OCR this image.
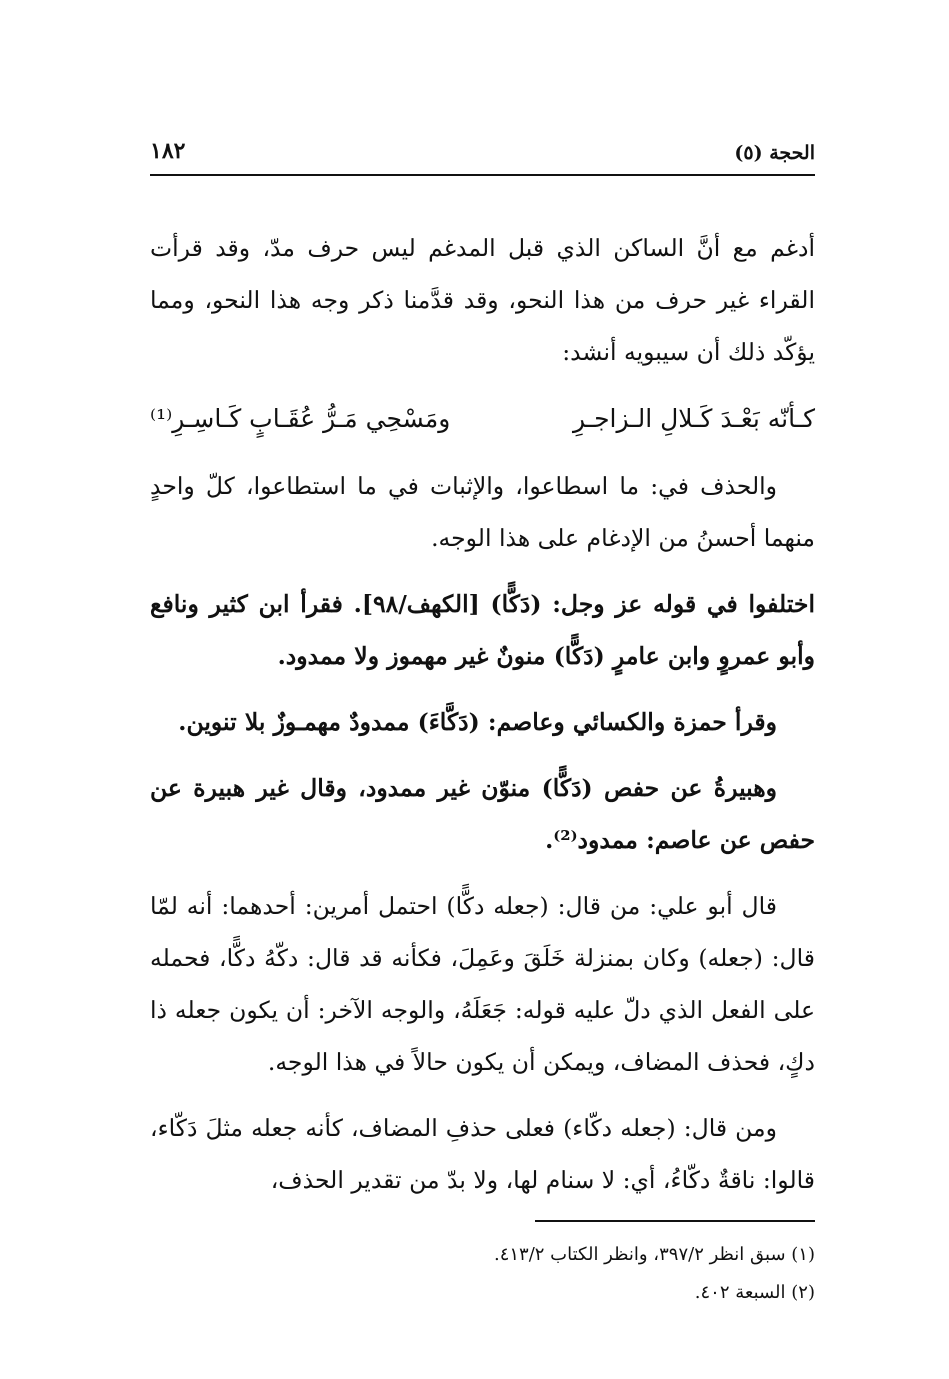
الحجة (٥)
١٨٢

أدغم مع أنَّ الساكن الذي قبل المدغم ليس حرف مدّ، وقد قرأت القراء غير حرف من هذا النحو، وقد قدَّمنا ذكر وجه هذا النحو، ومما يؤكّد ذلك أن سيبويه أنشد:

كـأنّه بَعْـدَ كَـلالِ الـزاجـرِ
ومَسْحِي مَـرُّ عُقَـابٍ كَـاسِـرِ⁽¹⁾

والحذف في: ما اسطاعوا، والإثبات في ما استطاعوا، كلّ واحدٍ منهما أحسنُ من الإدغام على هذا الوجه.

اختلفوا في قوله عز وجل: (دَكًّا) [الكهف/٩٨]. فقرأ ابن كثير ونافع وأبو عمروٍ وابن عامرٍ (دَكًّا) منونٌ غير مهموز ولا ممدود.

وقرأ حمزة والكسائي وعاصم: (دَكَّاءَ) ممدودٌ مهمـوزٌ بلا تنوين.

وهبيرةُ عن حفص (دَكًّا) منوّن غير ممدود، وقال غير هبيرة عن حفص عن عاصم: ممدود⁽²⁾.

قال أبو علي: من قال: (جعله دكًّا) احتمل أمرين: أحدهما: أنه لمّا قال: (جعله) وكان بمنزلة خَلَقَ وعَمِلَ، فكأنه قد قال: دكّهُ دكًّا، فحمله على الفعل الذي دلّ عليه قوله: جَعَلَهُ، والوجه الآخر: أن يكون جعله ذا دكٍ، فحذف المضاف، ويمكن أن يكون حالاً في هذا الوجه.

ومن قال: (جعله دكّاء) فعلى حذفِ المضاف، كأنه جعله مثلَ دَكّاء، قالوا: ناقةٌ دكّاءُ، أي: لا سنام لها، ولا بدّ من تقدير الحذف،

(١) سبق انظر ٣٩٧/٢، وانظر الكتاب ٤١٣/٢.
(٢) السبعة ٤٠٢.
